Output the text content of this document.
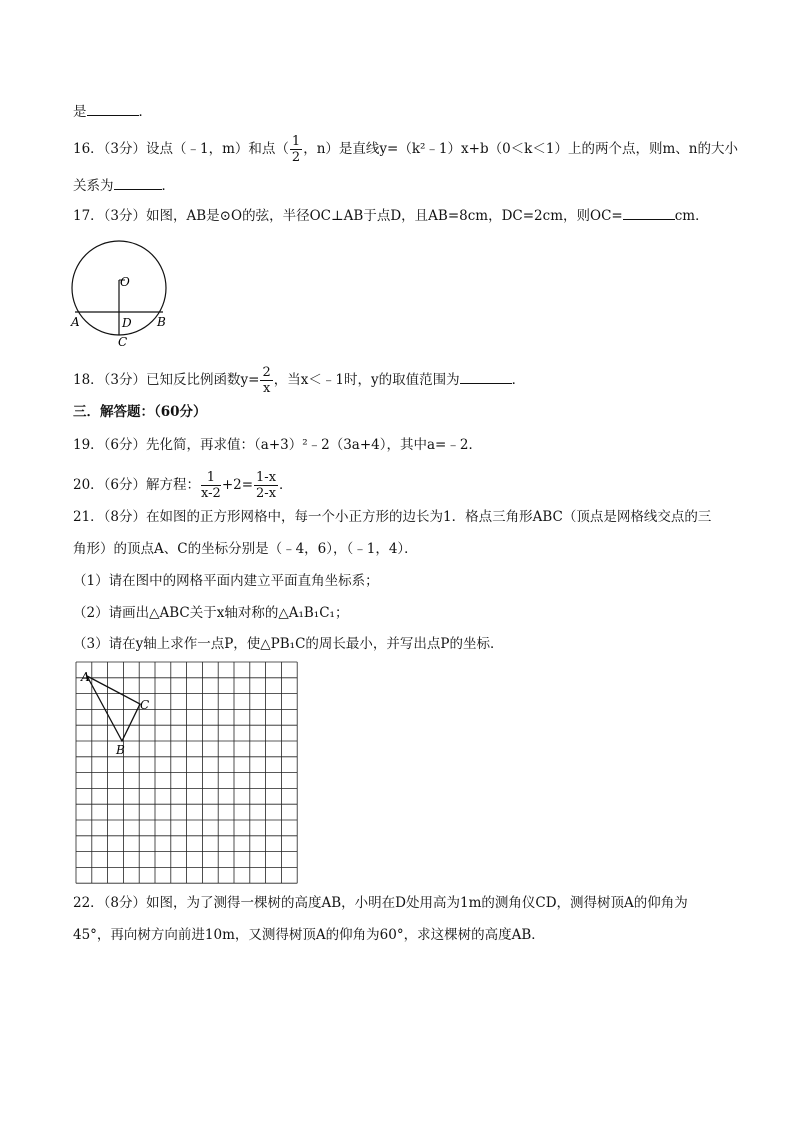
是	．
16．（3分）设点（﹣1，m）和点（ $\frac{1}{2}$ ，n）是直线y=（k²﹣1）x+b（0＜k＜1）上的两个点，则m、n的大小
关系为	．
17．（3分）如图，AB是⊙O的弦，半径OC⊥AB于点D，且AB=8cm，DC=2cm，则OC=	cm．
O
A	B
D
C
18．（3分）已知反比例函数$y= \frac{2}{x}$ ，当x＜﹣1时，y的取值范围为	．
三．解答题：（60分）
19．（6分）先化简，再求值：（a+3）²﹣2（3a+4），其中a=﹣2．
20．（6分）解方程： $\frac{1}{x-2} +2= \frac{1-x}{2-x}$ ．
21．（8分）在如图的正方形网格中，每一个小正方形的边长为1．格点三角形ABC（顶点是网格线交点的三
角形）的顶点A、C的坐标分别是（﹣4，6），（﹣1，4）．
（1）请在图中的网格平面内建立平面直角坐标系；
（2）请画出△ABC关于x轴对称的△A₁B₁C₁；
（3）请在y轴上求作一点P，使△PB₁C的周长最小，并写出点P的坐标．
A
C
B
22．（8分）如图，为了测得一棵树的高度AB，小明在D处用高为1m的测角仪CD，测得树顶A的仰角为
45°，再向树方向前进10m，又测得树顶A的仰角为60°，求这棵树的高度AB．
